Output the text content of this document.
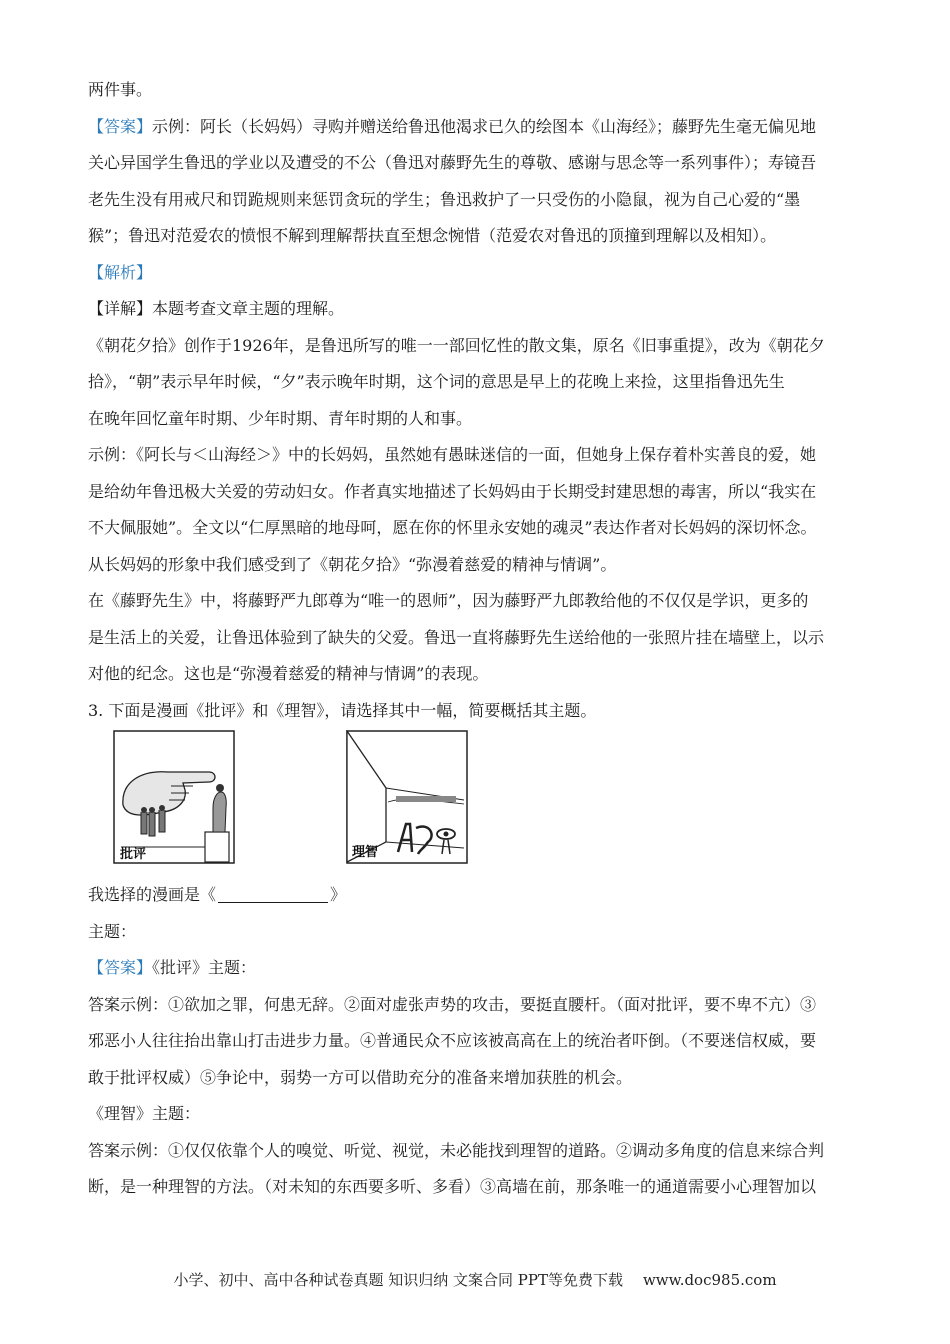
两件事。
【答案】示例：阿长（长妈妈）寻购并赠送给鲁迅他渴求已久的绘图本《山海经》；藤野先生毫无偏见地
关心异国学生鲁迅的学业以及遭受的不公（鲁迅对藤野先生的尊敬、感谢与思念等一系列事件）；寿镜吾
老先生没有用戒尺和罚跪规则来惩罚贪玩的学生；鲁迅救护了一只受伤的小隐鼠，视为自己心爱的“墨
猴”；鲁迅对范爱农的愤恨不解到理解帮扶直至想念惋惜（范爱农对鲁迅的顶撞到理解以及相知）。
【解析】
【详解】本题考查文章主题的理解。
《朝花夕拾》创作于1926年，是鲁迅所写的唯一一部回忆性的散文集，原名《旧事重提》，改为《朝花夕
拾》，“朝”表示早年时候，“夕”表示晚年时期，这个词的意思是早上的花晚上来捡，这里指鲁迅先生
在晚年回忆童年时期、少年时期、青年时期的人和事。
示例：《阿长与＜山海经＞》中的长妈妈，虽然她有愚昧迷信的一面，但她身上保存着朴实善良的爱，她
是给幼年鲁迅极大关爱的劳动妇女。作者真实地描述了长妈妈由于长期受封建思想的毒害，所以“我实在
不大佩服她”。全文以“仁厚黑暗的地母呵，愿在你的怀里永安她的魂灵”表达作者对长妈妈的深切怀念。
从长妈妈的形象中我们感受到了《朝花夕拾》“弥漫着慈爱的精神与情调”。
在《藤野先生》中，将藤野严九郎尊为“唯一的恩师”，因为藤野严九郎教给他的不仅仅是学识，更多的
是生活上的关爱，让鲁迅体验到了缺失的父爱。鲁迅一直将藤野先生送给他的一张照片挂在墙壁上，以示
对他的纪念。这也是“弥漫着慈爱的精神与情调”的表现。
3. 下面是漫画《批评》和《理智》，请选择其中一幅，简要概括其主题。
批评	理智
我选择的漫画是《	》
主题：
【答案】《批评》主题：
答案示例：①欲加之罪，何患无辞。②面对虚张声势的攻击，要挺直腰杆。（面对批评，要不卑不亢）③
邪恶小人往往抬出靠山打击进步力量。④普通民众不应该被高高在上的统治者吓倒。（不要迷信权威，要
敢于批评权威）⑤争论中，弱势一方可以借助充分的准备来增加获胜的机会。
《理智》主题：
答案示例：①仅仅依靠个人的嗅觉、听觉、视觉，未必能找到理智的道路。②调动多角度的信息来综合判
断，是一种理智的方法。（对未知的东西要多听、多看）③高墙在前，那条唯一的通道需要小心理智加以
小学、初中、高中各种试卷真题 知识归纳 文案合同 PPT等免费下载 www.doc985.com
